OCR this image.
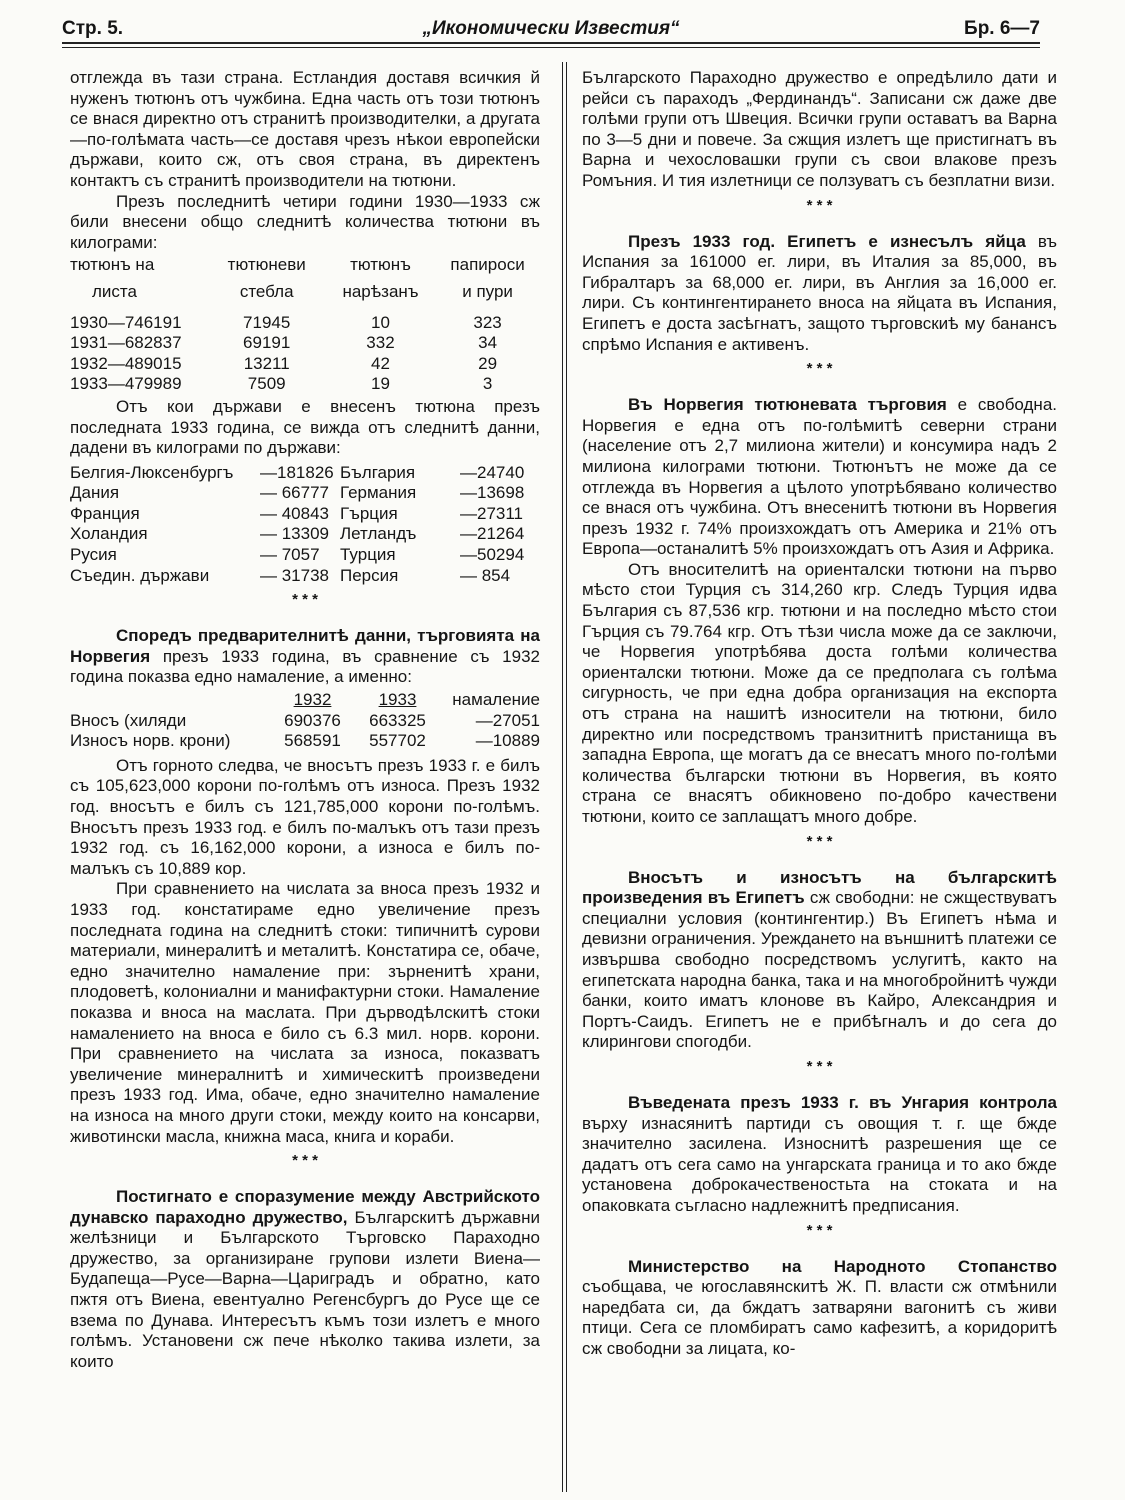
Стр. 5.	„Икономически Известия“	Бр. 6—7

отглежда въ тази страна. Естландия доставя всичкия й нуженъ тютюнъ отъ чужбина. Една часть отъ този тютюнъ се внася директно отъ странитѣ производителки, а другата—по-голѣмата часть—се доставя чрезъ нѣкои европейски държави, които сж, отъ своя страна, въ директенъ контактъ съ странитѣ производители на тютюни.

Презъ последнитѣ четири години 1930—1933 сж били внесени общо следнитѣ количества тютюни въ килограми:

тютюнъ на	тютюневи	тютюнъ	папироси
листа	стебла	нарѣзанъ	и пури

1930—746191	71945	10	323
1931—682837	69191	332	34
1932—489015	13211	42	29
1933—479989	7509	19	3

Отъ кои държави е внесенъ тютюна презъ последната 1933 година, се вижда отъ следнитѣ данни, дадени въ килограми по държави:

Белгия-Люксенбургъ	—181826	България	—24740
Дания	— 66777	Германия	—13698
Франция	— 40843	Гърция	—27311
Холандия	— 13309	Летландъ	—21264
Русия	— 7057	Турция	—50294
Съедин. държави	— 31738	Персия	— 854
* * *

Споредъ предварителнитѣ данни, търговията на Норвегия презъ 1933 година, въ сравнение съ 1932 година показва едно намаление, а именно:

	1932	1933	намаление
Вносъ (хиляди	690376	663325	—27051
Износъ норв. крони)	568591	557702	—10889

Отъ горното следва, че вносътъ презъ 1933 г. е билъ съ 105,623,000 корони по-голѣмъ отъ износа. Презъ 1932 год. вносътъ е билъ съ 121,785,000 корони по-голѣмъ. Вносътъ презъ 1933 год. е билъ по-малъкъ отъ тази презъ 1932 год. съ 16,162,000 корони, а износа е билъ по-малъкъ съ 10,889 кор.

При сравнението на числата за вноса презъ 1932 и 1933 год. констатираме едно увеличение презъ последната година на следнитѣ стоки: типичнитѣ сурови материали, минералитѣ и металитѣ. Констатира се, обаче, едно значително намаление при: зърненитѣ храни, плодоветѣ, колониални и манифактурни стоки. Намаление показва и вноса на маслата. При дърводѣлскитѣ стоки намалението на вноса е било съ 6.3 мил. норв. корони. При сравнението на числата за износа, показватъ увеличение минералнитѣ и химическитѣ произведени презъ 1933 год. Има, обаче, едно значително намаление на износа на много други стоки, между които на консарви, животински масла, книжна маса, книга и кораби.

* * *

Постигнато е споразумение между Австрийското дунавско параходно дружество, Българскитѣ държавни желѣзници и Българското Търговско Параходно дружество, за организиране групови излети Виена—Будапеща—Русе—Варна—Цариградъ и обратно, като пжтя отъ Виена, евентуално Регенсбургъ до Русе ще се взема по Дунава. Интересътъ къмъ този излетъ е много голѣмъ. Установени сж пече нѣколко такива излети, за които

Българското Параходно дружество е опредѣлило дати и рейси съ параходъ „Фердинандъ“. Записани сж даже две голѣми групи отъ Швеция. Всички групи оставатъ ва Варна по 3—5 дни и повече. За сжщия излетъ ще пристигнатъ въ Варна и чехословашки групи съ свои влакове презъ Ромъния. И тия излетници се ползуватъ съ безплатни визи.

* * *

Презъ 1933 год. Египетъ е изнесълъ яйца въ Испания за 161000 ег. лири, въ Италия за 85,000, въ Гибралтаръ за 68,000 ег. лири, въ Англия за 16,000 ег. лири. Съ контингентирането вноса на яйцата въ Испания, Египетъ е доста засѣгнатъ, защото търговскиѣ му банансъ спрѣмо Испания е активенъ.

* * *

Въ Норвегия тютюневата търговия е свободна. Норвегия е една отъ по-голѣмитѣ северни страни (население отъ 2,7 милиона жители) и консумира надъ 2 милиона килограми тютюни. Тютюнътъ не може да се отглежда въ Норвегия а цѣлото употрѣбявано количество се внася отъ чужбина. Отъ внесенитѣ тютюни въ Норвегия презъ 1932 г. 74% произхождатъ отъ Америка и 21% отъ Европа—останалитѣ 5% произхождатъ отъ Азия и Африка.

Отъ вносителитѣ на ориенталски тютюни на първо мѣсто стои Турция съ 314,260 кгр. Следъ Турция идва България съ 87,536 кгр. тютюни и на последно мѣсто стои Гърция съ 79.764 кгр. Отъ тѣзи числа може да се заключи, че Норвегия употрѣбява доста голѣми количества ориенталски тютюни. Може да се предполага съ голѣма сигурность, че при една добра организация на експорта отъ страна на нашитѣ износители на тютюни, било директно или посредствомъ транзитнитѣ пристанища въ западна Европа, ще могатъ да се внесатъ много по-голѣми количества български тютюни въ Норвегия, въ която страна се внасятъ обикновено по-добро качествени тютюни, които се заплащатъ много добре.

* * *

Вносътъ и износътъ на българскитѣ произведения въ Египетъ сж свободни: не сжществуватъ специални условия (контингентир.) Въ Египетъ нѣма и девизни ограничения. Уреждането на външнитѣ платежи се извършва свободно посредствомъ услугитѣ, както на египетската народна банка, така и на многобройнитѣ чужди банки, които иматъ клонове въ Кайро, Александрия и Портъ-Саидъ. Египетъ не е прибѣгналъ и до сега до клирингови спогодби.

* * *

Въведената презъ 1933 г. въ Унгария контрола върху изнасянитѣ партиди съ овощия т. г. ще бжде значително засилена. Износнитѣ разрешения ще се дадатъ отъ сега само на унгарската граница и то ако бжде установена доброкачественостьта на стоката и на опаковката съгласно надлежнитѣ предписания.

* * *

Министерство на Народното Стопанство съобщава, че югославянскитѣ Ж. П. власти сж отмѣнили наредбата си, да бждатъ затваряни вагонитѣ съ живи птици. Сега се пломбиратъ само кафезитѣ, а коридоритѣ сж свободни за лицата, ко-
